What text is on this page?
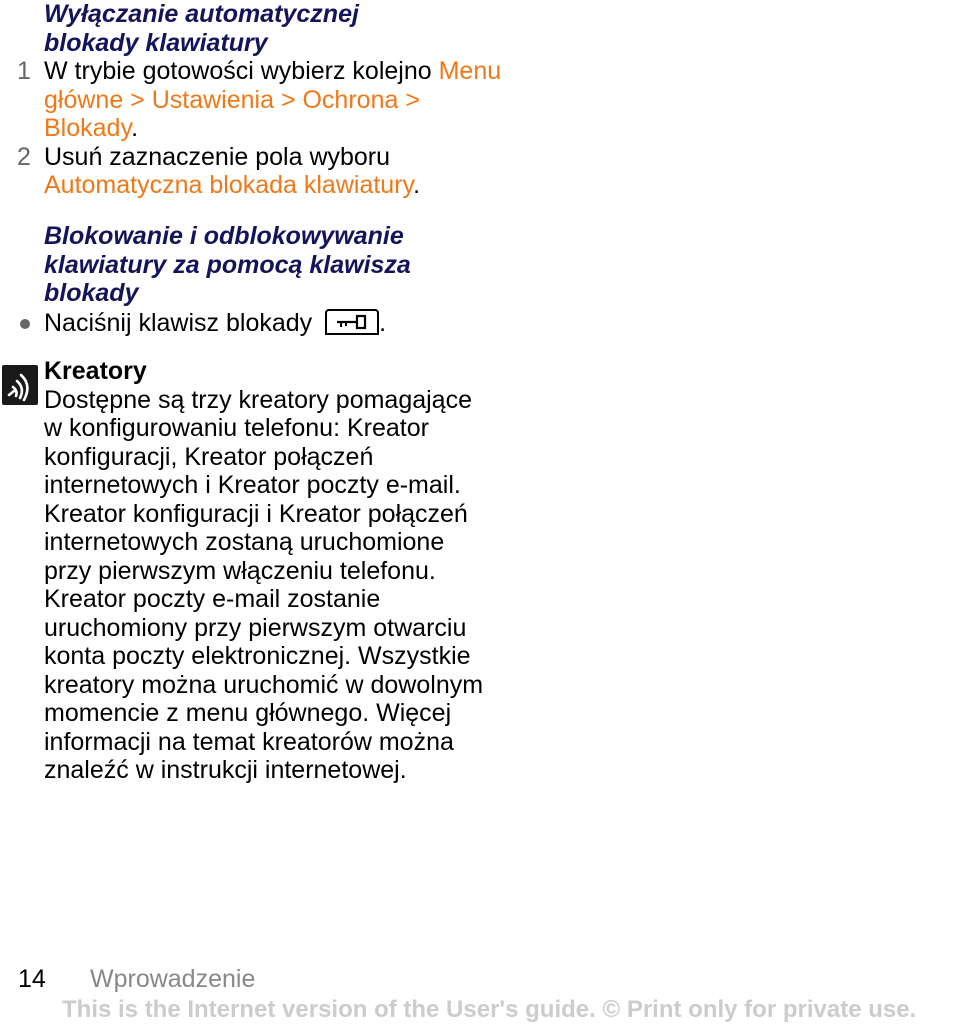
Wyłączanie automatycznej
blokady klawiatury

1 W trybie gotowości wybierz kolejno Menu główne > Ustawienia > Ochrona > Blokady.

2 Usuń zaznaczenie pola wyboru Automatyczna blokada klawiatury.

Blokowanie i odblokowywanie
klawiatury za pomocą klawisza
blokady

Naciśnij klawisz blokady	.

Kreatory

Dostępne są trzy kreatory pomagające w konfigurowaniu telefonu: Kreator konfiguracji, Kreator połączeń internetowych i Kreator poczty e-mail. Kreator konfiguracji i Kreator połączeń internetowych zostaną uruchomione przy pierwszym włączeniu telefonu. Kreator poczty e-mail zostanie uruchomiony przy pierwszym otwarciu konta poczty elektronicznej. Wszystkie kreatory można uruchomić w dowolnym momencie z menu głównego. Więcej informacji na temat kreatorów można znaleźć w instrukcji internetowej.

14 Wprowadzenie
This is the Internet version of the User's guide. © Print only for private use.
